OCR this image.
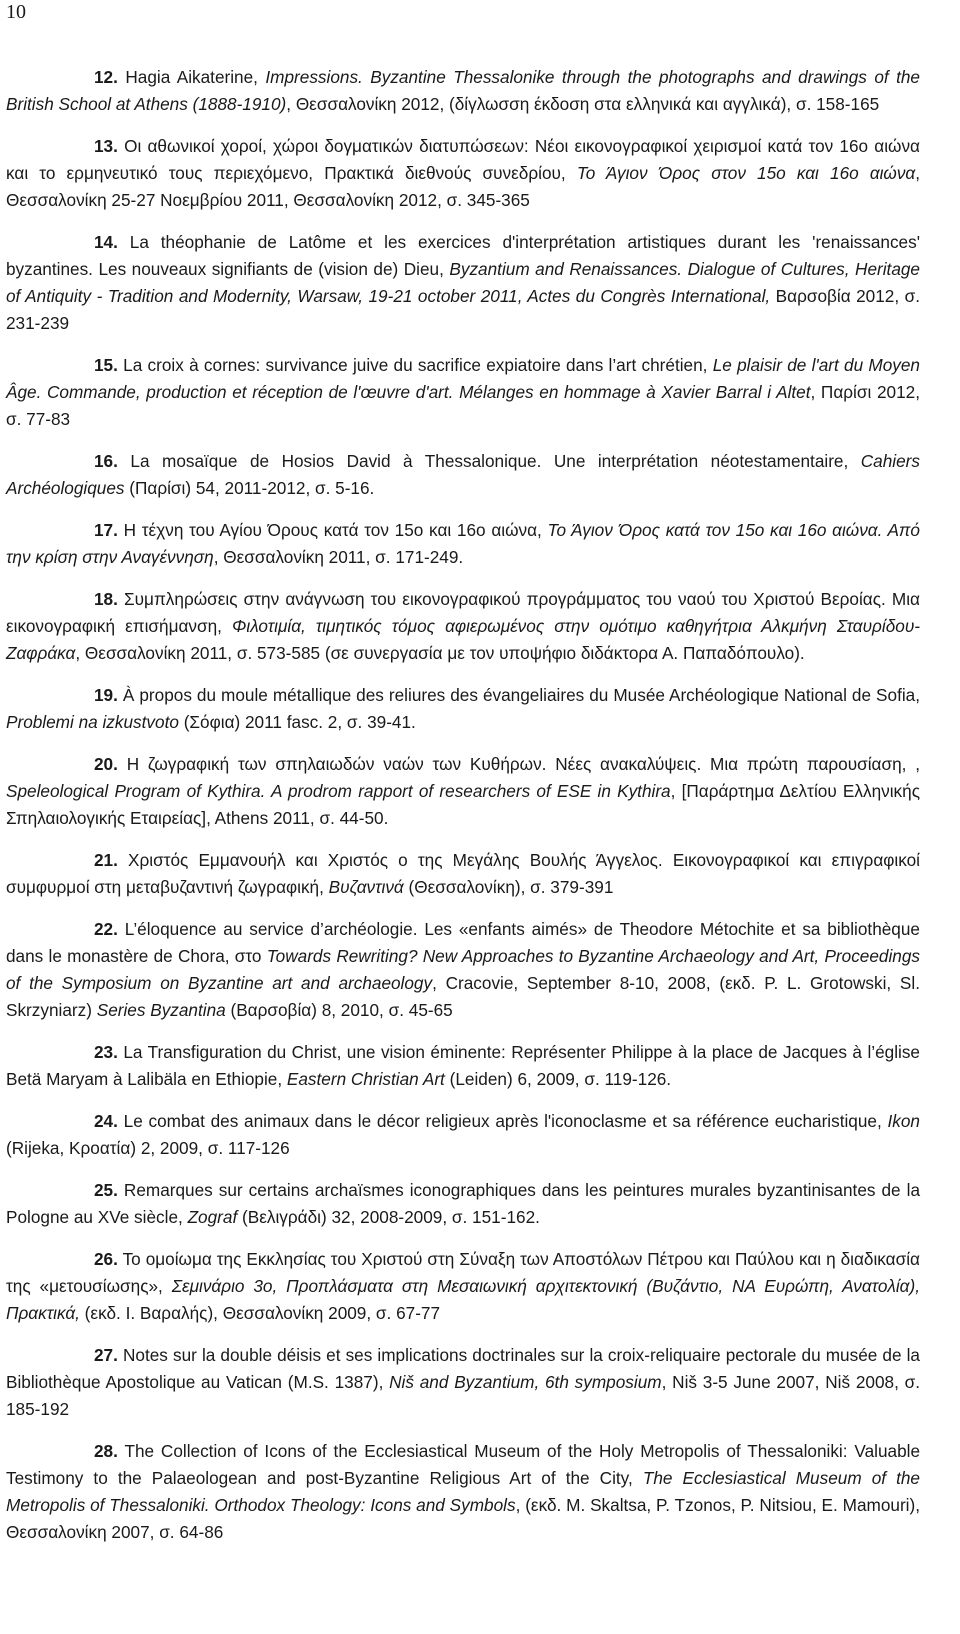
10

12. Hagia Aikaterine, Impressions. Byzantine Thessalonike through the photographs and drawings of the British School at Athens (1888-1910), Θεσσαλονίκη 2012, (δίγλωσση έκδοση στα ελληνικά και αγγλικά), σ. 158-165

13. Οι αθωνικοί χοροί, χώροι δογματικών διατυπώσεων: Νέοι εικονογραφικοί χειρισμοί κατά τον 16ο αιώνα και το ερμηνευτικό τους περιεχόμενο, Πρακτικά διεθνούς συνεδρίου, Το Άγιον Όρος στον 15ο και 16ο αιώνα, Θεσσαλονίκη 25-27 Νοεμβρίου 2011, Θεσσαλονίκη 2012, σ. 345-365

14. La théophanie de Latôme et les exercices d'interprétation artistiques durant les 'renaissances' byzantines. Les nouveaux signifiants de (vision de) Dieu, Byzantium and Renaissances. Dialogue of Cultures, Heritage of Antiquity - Tradition and Modernity, Warsaw, 19-21 october 2011, Actes du Congrès International, Βαρσοβία 2012, σ. 231-239

15. La croix à cornes: survivance juive du sacrifice expiatoire dans l’art chrétien, Le plaisir de l'art du Moyen Âge. Commande, production et réception de l'œuvre d'art. Mélanges en hommage à Xavier Barral i Altet, Παρίσι 2012, σ. 77-83

16. La mosaïque de Hosios David à Thessalonique. Une interprétation néotestamentaire, Cahiers Archéologiques (Παρίσι) 54, 2011-2012, σ. 5-16.

17. Η τέχνη του Αγίου Όρους κατά τον 15ο και 16ο αιώνα, Το Άγιον Όρος κατά τον 15ο και 16ο αιώνα. Από την κρίση στην Αναγέννηση, Θεσσαλονίκη 2011, σ. 171-249.

18. Συμπληρώσεις στην ανάγνωση του εικονογραφικού προγράμματος του ναού του Χριστού Βεροίας. Μια εικονογραφική επισήμανση, Φιλοτιμία, τιμητικός τόμος αφιερωμένος στην ομότιμο καθηγήτρια Αλκμήνη Σταυρίδου-Ζαφράκα, Θεσσαλονίκη 2011, σ. 573-585 (σε συνεργασία με τον υποψήφιο διδάκτορα Α. Παπαδόπουλο).

19. À propos du moule métallique des reliures des évangeliaires du Musée Archéologique National de Sofia, Problemi na izkustvoto (Σόφια) 2011 fasc. 2, σ. 39-41.

20. Η ζωγραφική των σπηλαιωδών ναών των Κυθήρων. Νέες ανακαλύψεις. Μια πρώτη παρουσίαση, , Speleological Program of Kythira. A prodrom rapport of researchers of ESE in Kythira, [Παράρτημα Δελτίου Ελληνικής Σπηλαιολογικής Εταιρείας], Athens 2011, σ. 44-50.

21. Χριστός Εμμανουήλ και Χριστός ο της Μεγάλης Βουλής Άγγελος. Εικονογραφικοί και επιγραφικοί συμφυρμοί στη μεταβυζαντινή ζωγραφική, Βυζαντινά (Θεσσαλονίκη), σ. 379-391

22. L’éloquence au service d’archéologie. Les «enfants aimés» de Theodore Métochite et sa bibliothèque dans le monastère de Chora, στο Towards Rewriting? New Approaches to Byzantine Archaeology and Art, Proceedings of the Symposium on Byzantine art and archaeology, Cracovie, September 8-10, 2008, (εκδ. P. L. Grotowski, Sl. Skrzyniarz) Series Byzantina (Βαρσοβία) 8, 2010, σ. 45-65

23. La Transfiguration du Christ, une vision éminente: Représenter Philippe à la place de Jacques à l’église Betä Maryam à Lalibäla en Ethiopie, Eastern Christian Art (Leiden) 6, 2009, σ. 119-126.

24. Le combat des animaux dans le décor religieux après l'iconoclasme et sa référence eucharistique, Ikon (Rijeka, Κροατία) 2, 2009, σ. 117-126

25. Remarques sur certains archaïsmes iconographiques dans les peintures murales byzantinisantes de la Pologne au XVe siècle, Zograf (Βελιγράδι) 32, 2008-2009, σ. 151-162.

26. Το ομοίωμα της Εκκλησίας του Χριστού στη Σύναξη των Αποστόλων Πέτρου και Παύλου και η διαδικασία της «μετουσίωσης», Σεμινάριο 3ο, Προπλάσματα στη Μεσαιωνική αρχιτεκτονική (Βυζάντιο, ΝΑ Ευρώπη, Ανατολία), Πρακτικά, (εκδ. Ι. Βαραλής), Θεσσαλονίκη 2009, σ. 67-77

27. Notes sur la double déisis et ses implications doctrinales sur la croix-reliquaire pectorale du musée de la Bibliothèque Apostolique au Vatican (M.S. 1387), Niš and Byzantium, 6th symposium, Niš 3-5 June 2007, Niš 2008, σ. 185-192

28. The Collection of Icons of the Ecclesiastical Museum of the Holy Metropolis of Thessaloniki: Valuable Testimony to the Palaeologean and post-Byzantine Religious Art of the City, The Ecclesiastical Museum of the Metropolis of Thessaloniki. Orthodox Theology: Icons and Symbols, (εκδ. M. Skaltsa, P. Tzonos, P. Nitsiou, E. Mamouri), Θεσσαλονίκη 2007, σ. 64-86
